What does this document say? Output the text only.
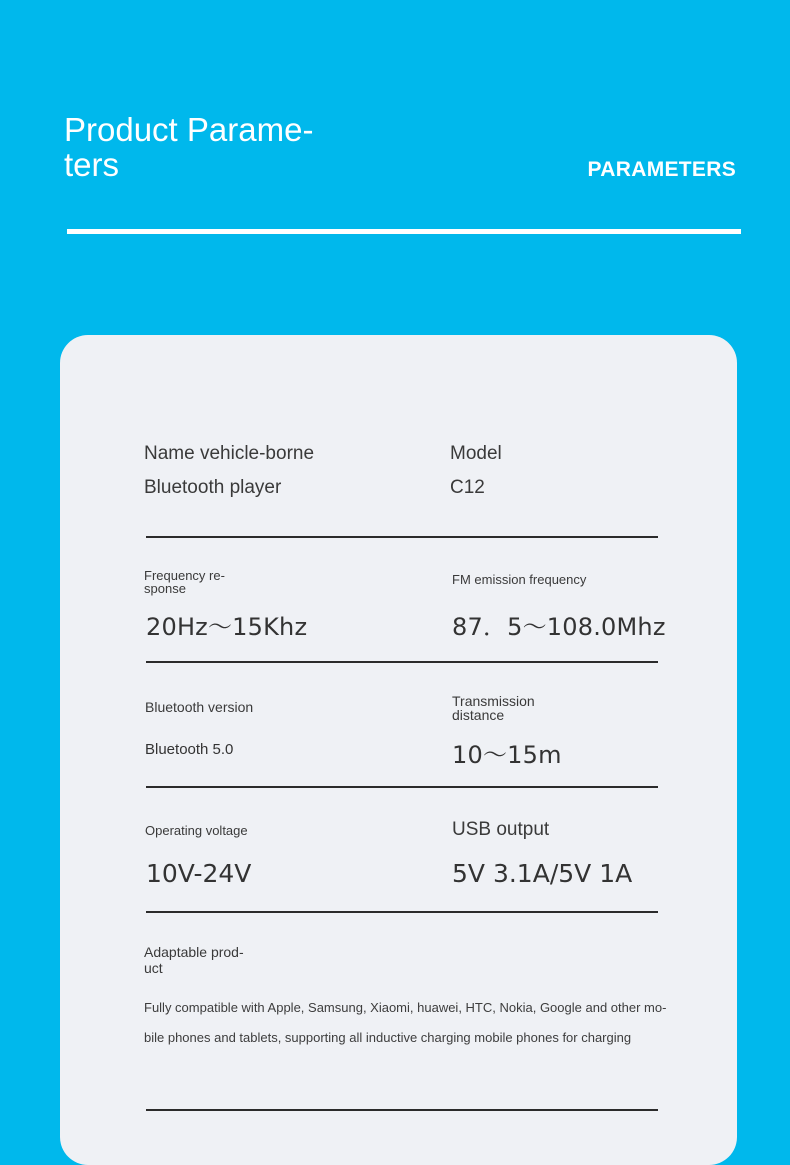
Product Parame-
ters	PARAMETERS
Name vehicle-borne
Bluetooth player
Model
C12
Frequency re-
sponse
20Hz～15Khz
FM emission frequency
87．5～108.0Mhz
Bluetooth version
Bluetooth 5.0
Transmission
distance
10～15m
Operating voltage
10V-24V
USB output
5V 3.1A/5V 1A
Adaptable prod-
uct
Fully compatible with Apple, Samsung, Xiaomi, huawei, HTC, Nokia, Google and other mo-
bile phones and tablets, supporting all inductive charging mobile phones for charging
